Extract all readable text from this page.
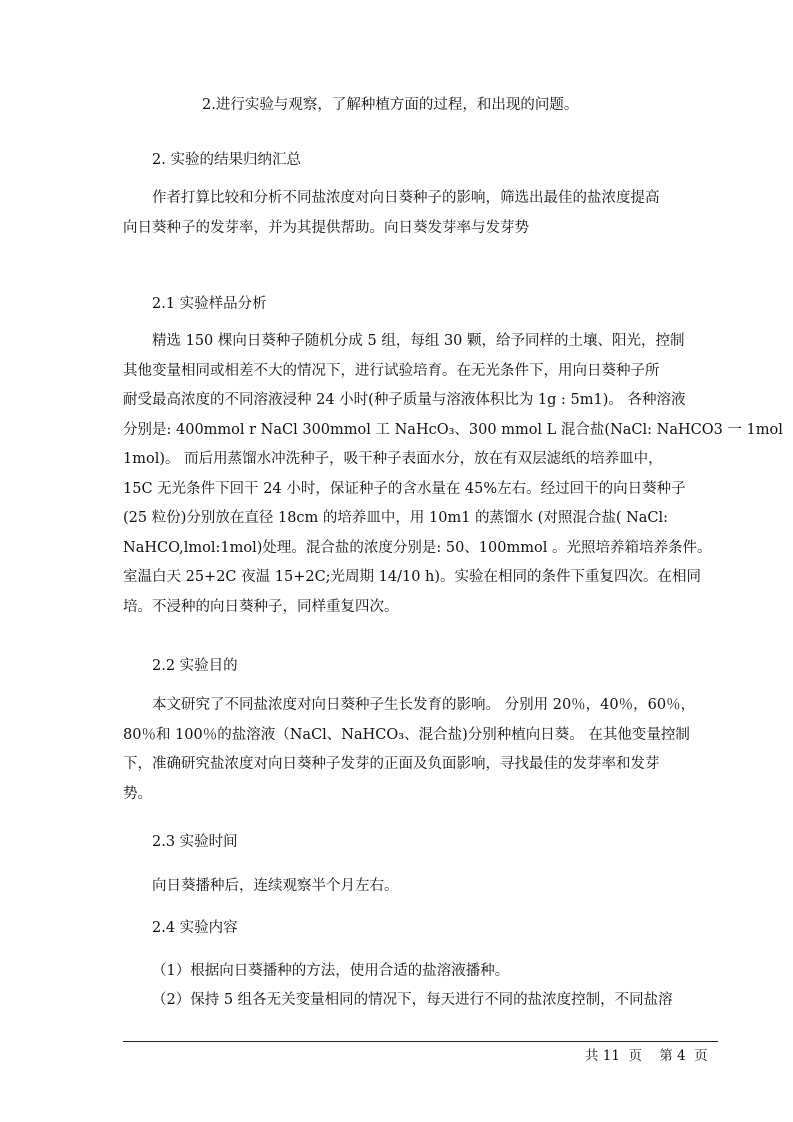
2.进行实验与观察，了解种植方面的过程，和出现的问题。
2. 实验的结果归纳汇总
作者打算比较和分析不同盐浓度对向日葵种子的影响，筛选出最佳的盐浓度提高
向日葵种子的发芽率，并为其提供帮助。向日葵发芽率与发芽势
2.1 实验样品分析
精选 150 棵向日葵种子随机分成 5 组，每组 30 颗，给予同样的土壤、阳光，控制
其他变量相同或相差不大的情况下，进行试验培育。在无光条件下，用向日葵种子所
耐受最高浓度的不同溶液浸种 24 小时(种子质量与溶液体积比为 1g : 5m1)。 各种溶液
分别是: 400mmol r NaCl 300mmol 工 NaHcO₃、300 mmol L 混合盐(NaCl: NaHCO3 一 1mol
1mol)。 而后用蒸馏水冲洗种子，吸干种子表面水分，放在有双层滤纸的培养皿中，
15C 无光条件下回干 24 小时，保证种子的含水量在 45%左右。经过回干的向日葵种子
(25 粒份)分别放在直径 18cm 的培养皿中，用 10m1 的蒸馏水 (对照混合盐( NaCl:
NaHCO,lmol:1mol)处理。混合盐的浓度分别是: 50、100mmol 。光照培养箱培养条件。
室温白天 25+2C 夜温 15+2C;光周期 14/10 h)。实验在相同的条件下重复四次。在相同
培。不浸种的向日葵种子，同样重复四次。
2.2 实验目的
本文研究了不同盐浓度对向日葵种子生长发育的影响。 分别用 20％，40％，60％，
80％和 100％的盐溶液（NaCl、NaHCO₃、混合盐)分别种植向日葵。 在其他变量控制
下，准确研究盐浓度对向日葵种子发芽的正面及负面影响，寻找最佳的发芽率和发芽
势。
2.3 实验时间
向日葵播种后，连续观察半个月左右。
2.4 实验内容
（1）根据向日葵播种的方法，使用合适的盐溶液播种。
（2）保持 5 组各无关变量相同的情况下，每天进行不同的盐浓度控制，不同盐溶
共 11  页    第 4  页
